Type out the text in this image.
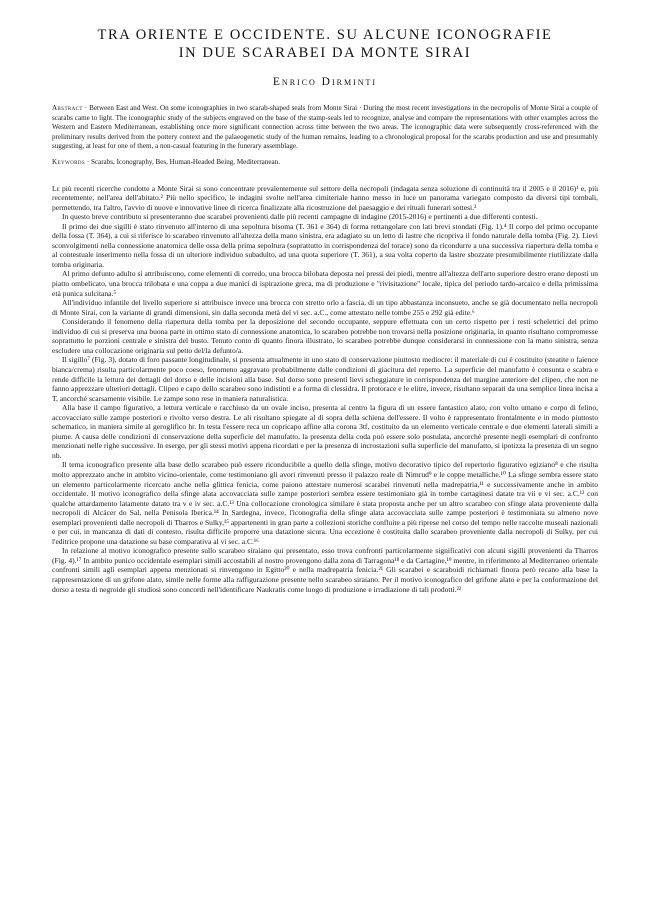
TRA ORIENTE E OCCIDENTE. SU ALCUNE ICONOGRAFIE
IN DUE SCARABEI DA MONTE SIRAI
Enrico Dirminti

Abstract · Between East and West. On some iconographies in two scarab-shaped seals from Monte Sirai · During the most recent investigations in the necropolis of Monte Sirai a couple of scarabs came to light. The iconographic study of the subjects engraved on the base of the stamp-seals led to recognize, analyse and compare the representations with other examples across the Western and Eastern Mediterranean, establishing once more significant connection across time between the two areas. The iconographic data were subsequently cross-referenced with the preliminary results derived from the pottery context and the palaeogenetic study of the human remains, leading to a chronological proposal for the scarabs production and use and presumably suggesting, at least for one of them, a non-casual featuring in the funerary assemblage.

Keywords · Scarabs, Iconography, Bes, Human-Headed Being, Mediterranean.

Le più recenti ricerche condotte a Monte Sirai si sono concentrate prevalentemente sul settore della necropoli (indagata senza soluzione di continuità tra il 2005 e il 2016)¹ e, più recentemente, nell'area dell'abitato.² Più nello specifico, le indagini svolte nell'area cimiteriale hanno messo in luce un panorama variegato composto da diversi tipi tombali, permettendo, tra l'altro, l'avvio di nuove e innovative linee di ricerca finalizzate alla ricostruzione del paesaggio e dei rituali funerari sottesi.³

In questo breve contributo si presenteranno due scarabei provenienti dalle più recenti campagne di indagine (2015-2016) e pertinenti a due differenti contesti.

Il primo dei due sigilli è stato rinvenuto all'interno di una sepoltura bisoma (T. 361 e 364) di forma rettangolare con lati brevi stondati (Fig. 1).⁴ Il corpo del primo occupante della fossa (T. 364), a cui si riferisce lo scarabeo rinvenuto all'altezza della mano sinistra, era adagiato su un letto di lastre che ricopriva il fondo naturale della tomba (Fig. 2). Lievi sconvolgimenti nella connessione anatomica delle ossa della prima sepoltura (soprattutto in corrispondenza del torace) sono da ricondurre a una successiva riapertura della tomba e al contestuale inserimento nella fossa di un ulteriore individuo subadulto, ad una quota superiore (T. 361), a sua volta coperto da lastre sbozzate presumibilmente riutilizzate dalla tomba originaria.

Al primo defunto adulto si attribuiscono, come elementi di corredo, una brocca bilobata deposta nei pressi dei piedi, mentre all'altezza dell'arto superiore destro erano deposti un piatto ombelicato, una brocca trilobata e una coppa a due manici di ispirazione greca, ma di produzione e "rivisitazione" locale, tipica del periodo tardo-arcaico e della primissima età punica sulcitana.⁵

All'individuo infantile del livello superiore si attribuisce invece una brocca con stretto orlo a fascia, di un tipo abbastanza inconsueto, anche se già documentato nella necropoli di Monte Sirai, con la variante di grandi dimensioni, sin dalla seconda metà del vi sec. a.C., come attestato nelle tombe 255 e 292 già edite.⁶

Considerando il fenomeno della riapertura della tomba per la deposizione del secondo occupante, seppure effettuata con un certo rispetto per i resti scheletrici del primo individuo di cui si preserva una buona parte in ottimo stato di connessione anatomica, lo scarabeo potrebbe non trovarsi nella posizione originaria, in quanto risultano compromesse soprattutto le porzioni centrale e sinistra del busto. Tenuto conto di quanto finora illustrato, lo scarabeo potrebbe dunque considerarsi in connessione con la mano sinistra, senza escludere una collocazione originaria sul petto del/la defunto/a.

Il sigillo⁷ (Fig. 3), dotato di foro passante longitudinale, si presenta attualmente in uno stato di conservazione piuttosto mediocre: il materiale di cui è costituito (steatite o faience bianca/crema) risulta particolarmente poco coeso, fenomeno aggravato probabilmente dalle condizioni di giacitura del reperto. La superficie del manufatto è consunta e scabra e rende difficile la lettura dei dettagli del dorso e delle incisioni alla base. Sul dorso sono presenti lievi scheggiature in corrispondenza del margine anteriore del clipeo, che non ne fanno apprezzare ulteriori dettagli. Clipeo e capo dello scarabeo sono indistinti e a forma di clessidra. Il protorace e le elitre, invece, risultano separati da una semplice linea incisa a T, ancorché scarsamente visibile. Le zampe sono rese in maniera naturalistica.

Alla base il campo figurativo, a lettura verticale e racchiuso da un ovale inciso, presenta al centro la figura di un essere fantastico alato, con volto umano e corpo di felino, accovacciato sulle zampe posteriori e rivolto verso destra. Le ali risultano spiegate al di sopra della schiena dell'essere. Il volto è rappresentato frontalmente e in modo piuttosto schematico, in maniera simile al geroglifico ḥr. In testa l'essere reca un copricapo affine alla corona 3tf, costituito da un elemento verticale centrale e due elementi laterali simili a piume. A causa delle condizioni di conservazione della superficie del manufatto, la presenza della coda può essere solo postulata, ancorché presente negli esemplari di confronto menzionati nelle righe successive. In esergo, per gli stessi motivi appena ricordati e per la presenza di incrostazioni sulla superficie del manufatto, si ipotizza la presenza di un segno nb.

Il tema iconografico presente alla base dello scarabeo può essere riconducibile a quello della sfinge, motivo decorativo tipico del repertorio figurativo egiziano⁸ e che risulta molto apprezzato anche in ambito vicino-orientale, come testimoniano gli avori rinvenuti presso il palazzo reale di Nimrud⁹ e le coppe metalliche.¹⁰ La sfinge sembra essere stato un elemento particolarmente ricercato anche nella glittica fenicia, come paiono attestare numerosi scarabei rinvenuti nella madrepatria,¹¹ e successivamente anche in ambito occidentale. Il motivo iconografico della sfinge alata accovacciata sulle zampe posteriori sembra essere testimoniato già in tombe cartaginesi datate tra vii e vi sec. a.C.¹² con qualche attardamento latamente datato tra v e iv sec. a.C.¹³ Una collocazione cronologica similare è stata proposta anche per un altro scarabeo con sfinge alata proveniente dalla necropoli di Alcácer do Sal, nella Penisola Iberica.¹⁴ In Sardegna, invece, l'iconografia della sfinge alata accovacciata sulle zampe posteriori è testimoniata su almeno nove esemplari provenienti dalle necropoli di Tharros e Sulky,¹⁵ appartenenti in gran parte a collezioni storiche confluite a più riprese nel corso del tempo nelle raccolte museali nazionali e per cui, in mancanza di dati di contesto, risulta difficile proporre una datazione sicura. Una eccezione è costituita dallo scarabeo proveniente dalla necropoli di Sulky, per cui l'editrice propone una datazione su base comparativa al vi sec. a.C.¹⁶

In relazione al motivo iconografico presente sullo scarabeo siraiano qui presentato, esso trova confronti particolarmente significativi con alcuni sigilli provenienti da Tharros (Fig. 4).¹⁷ In ambito punico occidentale esemplari simili accostabili al nostro provengono dalla zona di Tarragona¹⁸ e da Cartagine,¹⁹ mentre, in riferimento al Mediterraneo orientale confronti simili agli esemplari appena menzionati si rinvengono in Egitto²⁰ e nella madrepatria fenicia.²¹ Gli scarabei e scaraboidi richiamati finora però recano alla base la rappresentazione di un grifone alato, simile nelle forme alla raffigurazione presente nello scarabeo siraiano. Per il motivo iconografico del grifone alato e per la conformazione del dorso a testa di negroide gli studiosi sono concordi nell'identificare Naukratis come luogo di produzione e irradiazione di tali prodotti.²²
